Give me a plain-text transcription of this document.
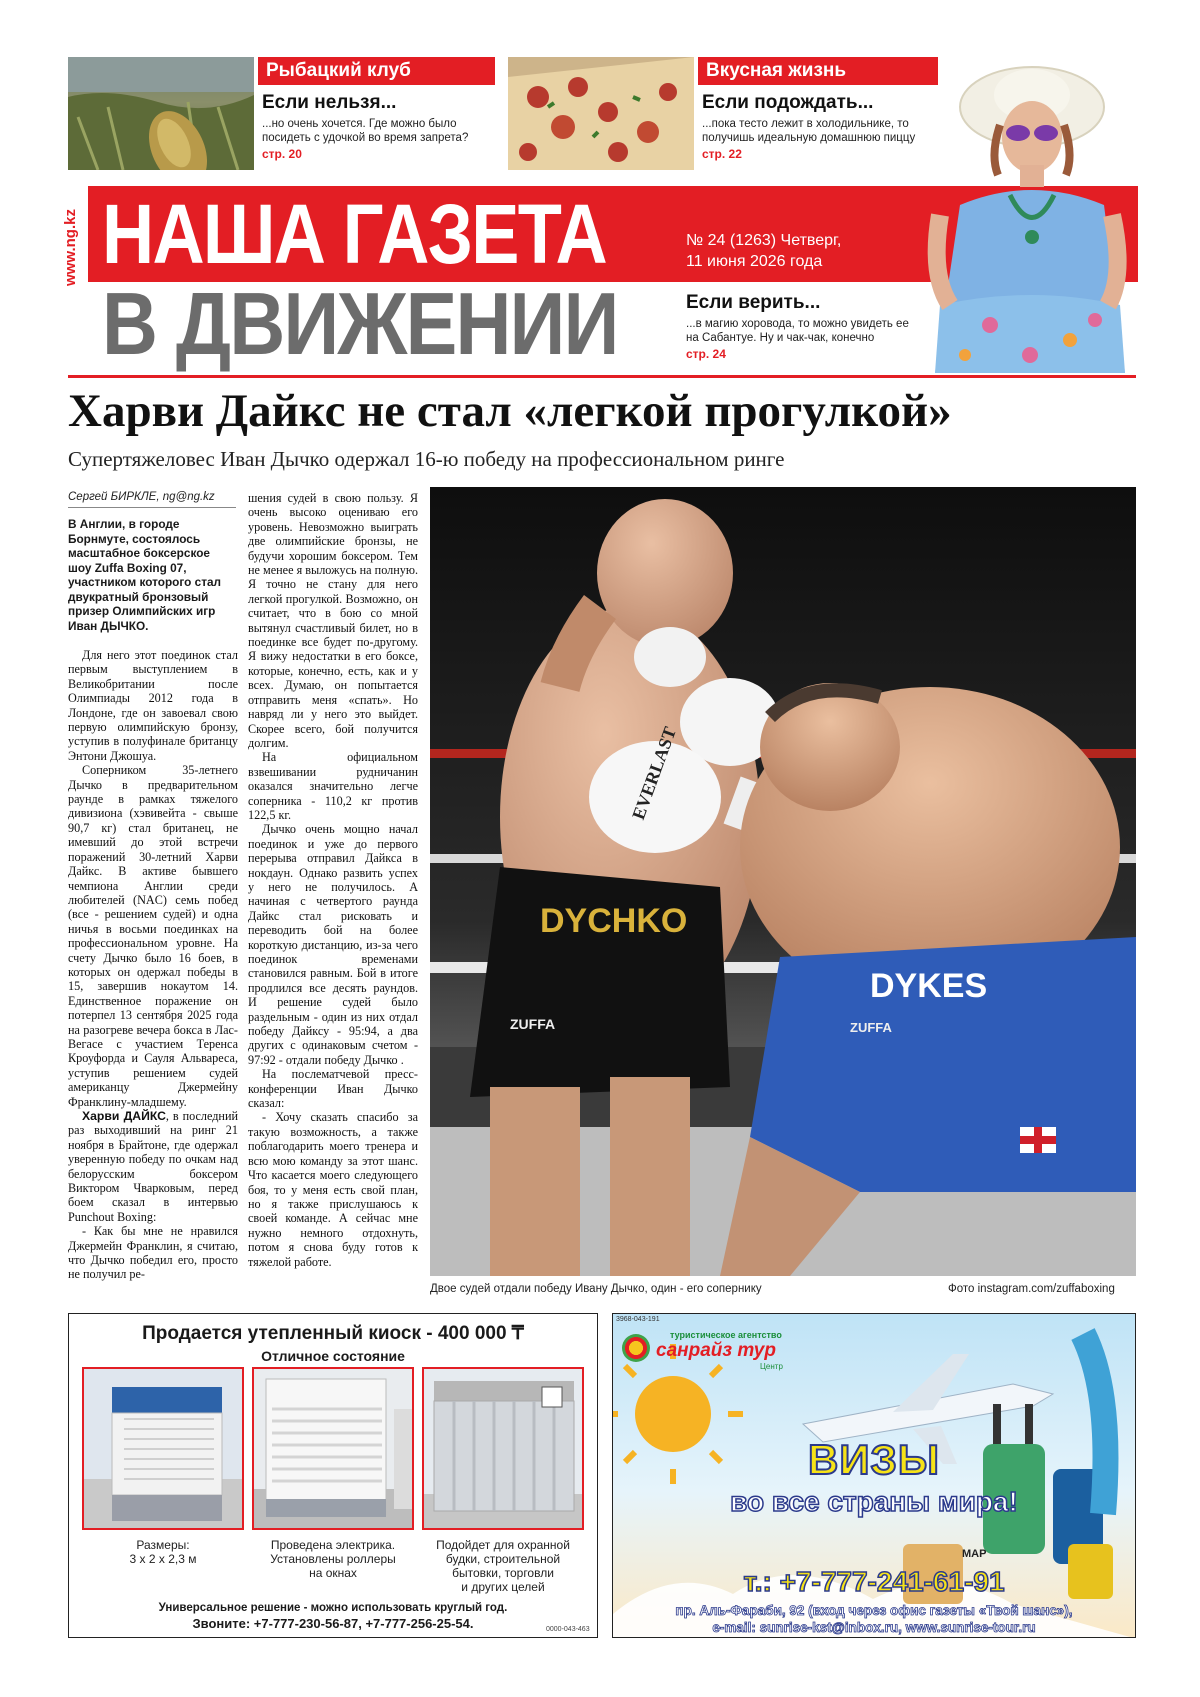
Рыбацкий клуб
Если нельзя...
...но очень хочется. Где можно было посидеть с удочкой во время запрета?
стр. 20
Вкусная жизнь
Если подождать...
...пока тесто лежит в холодильнике, то получишь идеальную домашнюю пиццу
стр. 22
www.ng.kz НАША ГАЗЕТА
В ДВИЖЕНИИ
№ 24 (1263) Четверг,
11 июня 2026 года
Если верить...
...в магию хоровода, то можно увидеть ее на Сабантуе. Ну и чак-чак, конечно
стр. 24
Харви Дайкс не стал «легкой прогулкой»
Супертяжеловес Иван Дычко одержал 16-ю победу на профессиональном ринге
Сергей БИРКЛЕ, ng@ng.kz
В Англии, в городе Борнмуте, состоялось масштабное боксерское шоу Zuffa Boxing 07, участником которого стал двукратный бронзовый призер Олимпийских игр Иван ДЫЧКО.

Для него этот поединок стал первым выступлением в Великобритании после Олимпиады 2012 года в Лондоне, где он завоевал свою первую олимпийскую бронзу, уступив в полуфинале британцу Энтони Джошуа.

Соперником 35-летнего Дычко в предварительном раунде в рамках тяжелого дивизиона (хэвивейта - свыше 90,7 кг) стал британец, не имевший до этой встречи поражений 30-летний Харви Дайкс. В активе бывшего чемпиона Англии среди любителей (NAC) семь побед (все - решением судей) и одна ничья в восьми поединках на профессиональном уровне. На счету Дычко было 16 боев, в которых он одержал победы в 15, завершив нокаутом 14. Единственное поражение он потерпел 13 сентября 2025 года на разогреве вечера бокса в Лас-Вегасе с участием Теренса Кроуфорда и Сауля Альвареса, уступив решением судей американцу Джермейну Франклину-младшему.

Харви ДАЙКС, в последний раз выходивший на ринг 21 ноября в Брайтоне, где одержал уверенную победу по очкам над белорусским боксером Виктором Чварковым, перед боем сказал в интервью Punchout Boxing:

- Как бы мне не нравился Джермейн Франклин, я считаю, что Дычко победил его, просто не получил ре-

шения судей в свою пользу. Я очень высоко оцениваю его уровень. Невозможно выиграть две олимпийские бронзы, не будучи хорошим боксером. Тем не менее я выложусь на полную. Я точно не стану для него легкой прогулкой. Возможно, он считает, что в бою со мной вытянул счастливый билет, но в поединке все будет по-другому. Я вижу недостатки в его боксе, которые, конечно, есть, как и у всех. Думаю, он попытается отправить меня «спать». Но навряд ли у него это выйдет. Скорее всего, бой получится долгим.

На официальном взвешивании рудничанин оказался значительно легче соперника - 110,2 кг против 122,5 кг.

Дычко очень мощно начал поединок и уже до первого перерыва отправил Дайкса в нокдаун. Однако развить успех у него не получилось. А начиная с четвертого раунда Дайкс стал рисковать и переводить бой на более короткую дистанцию, из-за чего поединок временами становился равным. Бой в итоге продлился все десять раундов. И решение судей было раздельным - один из них отдал победу Дайксу - 95:94, а два других с одинаковым счетом - 97:92 - отдали победу Дычко .

На послематчевой пресс-конференции Иван Дычко сказал:

- Хочу сказать спасибо за такую возможность, а также поблагодарить моего тренера и всю мою команду за этот шанс. Что касается моего следующего боя, то у меня есть свой план, но я также прислушаюсь к своей команде. А сейчас мне нужно немного отдохнуть, потом я снова буду готов к тяжелой работе.

DYCHKO
ZUFFA
EVERLAST
DYKES
ZUFFA
Двое судей отдали победу Ивану Дычко, один - его сопернику	Фото instagram.com/zuffaboxing
Продается утепленный киоск - 400 000 ₸
Отличное состояние
Размеры:
3 х 2 х 2,3 м
Проведена электрика.
Установлены роллеры
на окнах
Подойдет для охранной
будки, строительной
бытовки, торговли
и других целей
Универсальное решение - можно использовать круглый год.
Звоните: +7-777-230-56-87, +7-777-256-25-54.	0000-043-463
3968-043-191
туристическое агентство
санрайз тур
Центр
ВИЗЫ
во все страны мира!
MAP
т.: +7-777-241-61-91
пр. Аль-Фараби, 92 (вход через офис газеты «Твой шанс»),
e-mail: sunrise-kst@inbox.ru, www.sunrise-tour.ru
